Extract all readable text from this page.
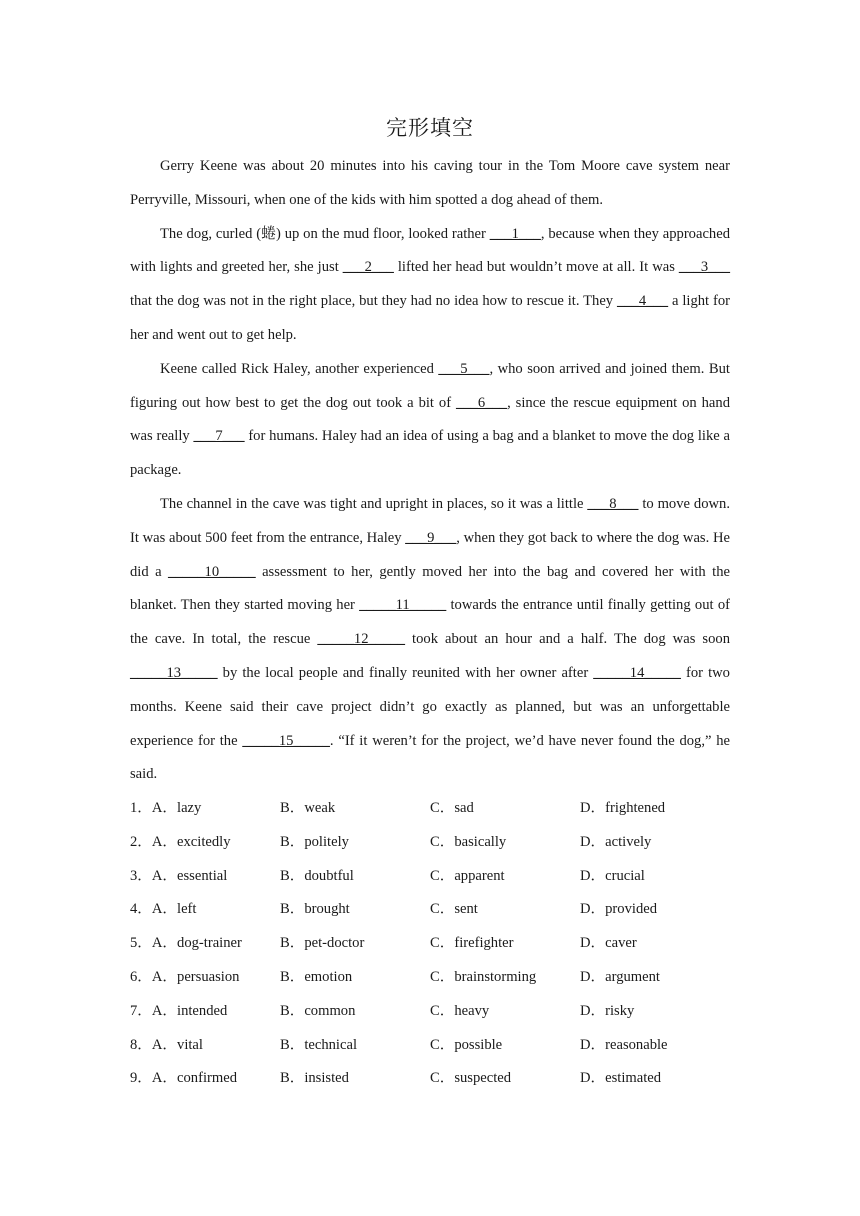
完形填空

Gerry Keene was about 20 minutes into his caving tour in the Tom Moore cave system near Perryville, Missouri, when one of the kids with him spotted a dog ahead of them.

The dog, curled (蜷) up on the mud floor, looked rather ___1___, because when they approached with lights and greeted her, she just ___2___ lifted her head but wouldn’t move at all. It was ___3___ that the dog was not in the right place, but they had no idea how to rescue it. They ___4___ a light for her and went out to get help.

Keene called Rick Haley, another experienced ___5___, who soon arrived and joined them. But figuring out how best to get the dog out took a bit of ___6___, since the rescue equipment on hand was really ___7___ for humans. Haley had an idea of using a bag and a blanket to move the dog like a package.

The channel in the cave was tight and upright in places, so it was a little ___8___ to move down. It was about 500 feet from the entrance, Haley ___9___, when they got back to where the dog was. He did a _____10_____ assessment to her, gently moved her into the bag and covered her with the blanket. Then they started moving her _____11_____ towards the entrance until finally getting out of the cave. In total, the rescue _____12_____ took about an hour and a half. The dog was soon _____13_____ by the local people and finally reunited with her owner after _____14_____ for two months. Keene said their cave project didn’t go exactly as planned, but was an unforgettable experience for the _____15_____. “If it weren’t for the project, we’d have never found the dog,” he said.

1．A．lazy	B．weak	C．sad	D．frightened
2．A．excitedly	B．politely	C．basically	D．actively
3．A．essential	B．doubtful	C．apparent	D．crucial
4．A．left	B．brought	C．sent	D．provided
5．A．dog-trainer	B．pet-doctor	C．firefighter	D．caver
6．A．persuasion	B．emotion	C．brainstorming	D．argument
7．A．intended	B．common	C．heavy	D．risky
8．A．vital	B．technical	C．possible	D．reasonable
9．A．confirmed	B．insisted	C．suspected	D．estimated
